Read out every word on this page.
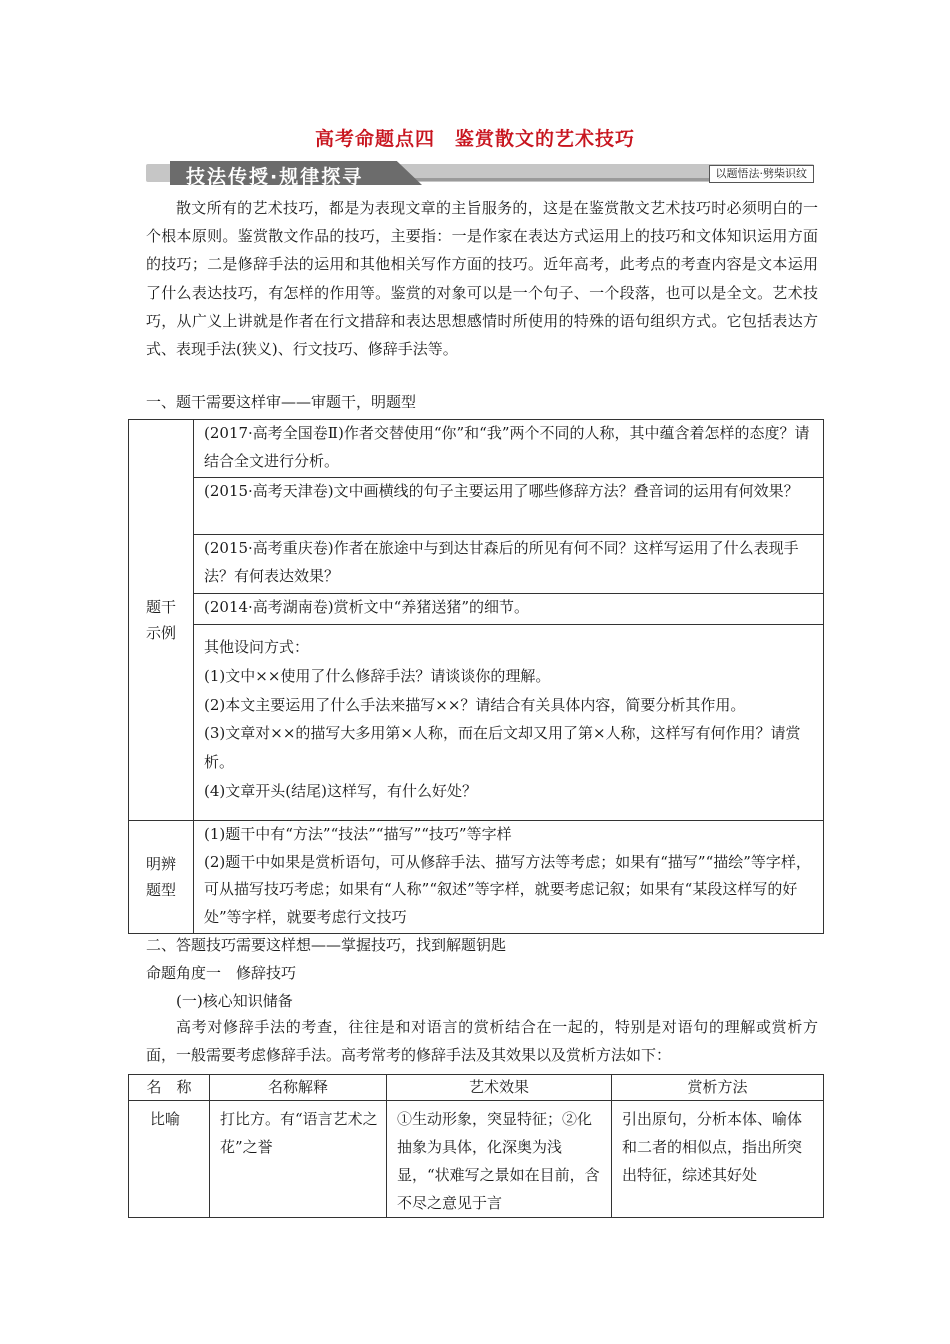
高考命题点四　鉴赏散文的艺术技巧
技法传授·规律探寻	以题悟法·劈柴识纹

散文所有的艺术技巧，都是为表现文章的主旨服务的，这是在鉴赏散文艺术技巧时必须明白的一个根本原则。鉴赏散文作品的技巧，主要指：一是作家在表达方式运用上的技巧和文体知识运用方面的技巧；二是修辞手法的运用和其他相关写作方面的技巧。近年高考，此考点的考查内容是文本运用了什么表达技巧，有怎样的作用等。鉴赏的对象可以是一个句子、一个段落，也可以是全文。艺术技巧，从广义上讲就是作者在行文措辞和表达思想感情时所使用的特殊的语句组织方式。它包括表达方式、表现手法(狭义)、行文技巧、修辞手法等。

一、题干需要这样审——审题干，明题型

题干示例	(2017·高考全国卷Ⅱ)作者交替使用“你”和“我”两个不同的人称，其中蕴含着怎样的态度？请结合全文进行分析。
	(2015·高考天津卷)文中画横线的句子主要运用了哪些修辞方法？叠音词的运用有何效果？
	(2015·高考重庆卷)作者在旅途中与到达甘森后的所见有何不同？这样写运用了什么表现手法？有何表达效果？
	(2014·高考湖南卷)赏析文中“养猪送猪”的细节。

	其他设问方式：
(1)文中××使用了什么修辞手法？请谈谈你的理解。
(2)本文主要运用了什么手法来描写××？请结合有关具体内容，简要分析其作用。
(3)文章对××的描写大多用第×人称，而在后文却又用了第×人称，这样写有何作用？请赏析。
(4)文章开头(结尾)这样写，有什么好处？

明辨题型	(1)题干中有“方法”“技法”“描写”“技巧”等字样
(2)题干中如果是赏析语句，可从修辞手法、描写方法等考虑；如果有“描写”“描绘”等字样，可从描写技巧考虑；如果有“人称”“叙述”等字样，就要考虑记叙；如果有“某段这样写的好处”等字样，就要考虑行文技巧

二、答题技巧需要这样想——掌握技巧，找到解题钥匙

命题角度一　修辞技巧

(一)核心知识储备

高考对修辞手法的考查，往往是和对语言的赏析结合在一起的，特别是对语句的理解或赏析方面，一般需要考虑修辞手法。高考常考的修辞手法及其效果以及赏析方法如下：

名　称	名称解释	艺术效果	赏析方法
比喻	打比方。有“语言艺术之花”之誉	①生动形象，突显特征；②化抽象为具体，化深奥为浅显，“状难写之景如在目前，含不尽之意见于言	引出原句，分析本体、喻体和二者的相似点，指出所突出特征，综述其好处
